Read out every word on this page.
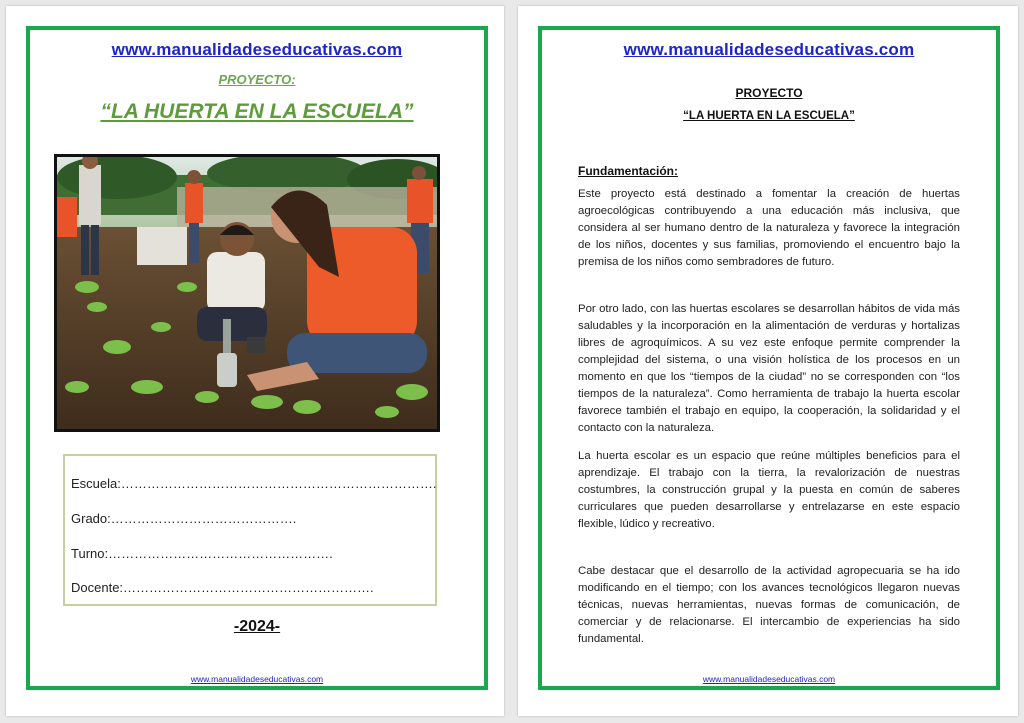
www.manualidadeseducativas.com
PROYECTO:
“LA HUERTA EN LA ESCUELA”
Escuela:……………………………………………………………….
Grado:…………………………………….
Turno:…………………………………………….
Docente:………………………………………………….
-2024-
www.manualidadeseducativas.com
www.manualidadeseducativas.com
PROYECTO
“LA HUERTA EN LA ESCUELA”
Fundamentación:
Este proyecto está destinado a fomentar la creación de huertas agroecológicas contribuyendo a una educación más inclusiva, que considera al ser humano dentro de la naturaleza y favorece la integración de los niños, docentes y sus familias, promoviendo el encuentro bajo la premisa de los niños como sembradores de futuro.
Por otro lado, con las huertas escolares se desarrollan hábitos de vida más saludables y la incorporación en la alimentación de verduras y hortalizas libres de agroquímicos. A su vez este enfoque permite comprender la complejidad del sistema, o una visión holística de los procesos en un momento en que los “tiempos de la ciudad” no se corresponden con “los tiempos de la naturaleza”. Como herramienta de trabajo la huerta escolar favorece también el trabajo en equipo, la cooperación, la solidaridad y el contacto con la naturaleza.
La huerta escolar es un espacio que reúne múltiples beneficios para el aprendizaje. El trabajo con la tierra, la revalorización de nuestras costumbres, la construcción grupal y la puesta en común de saberes curriculares que pueden desarrollarse y entrelazarse en este espacio flexible, lúdico y recreativo.
Cabe destacar que el desarrollo de la actividad agropecuaria se ha ido modificando en el tiempo; con los avances tecnológicos llegaron nuevas técnicas, nuevas herramientas, nuevas formas de comunicación, de comerciar y de relacionarse. El intercambio de experiencias ha sido fundamental.
www.manualidadeseducativas.com
